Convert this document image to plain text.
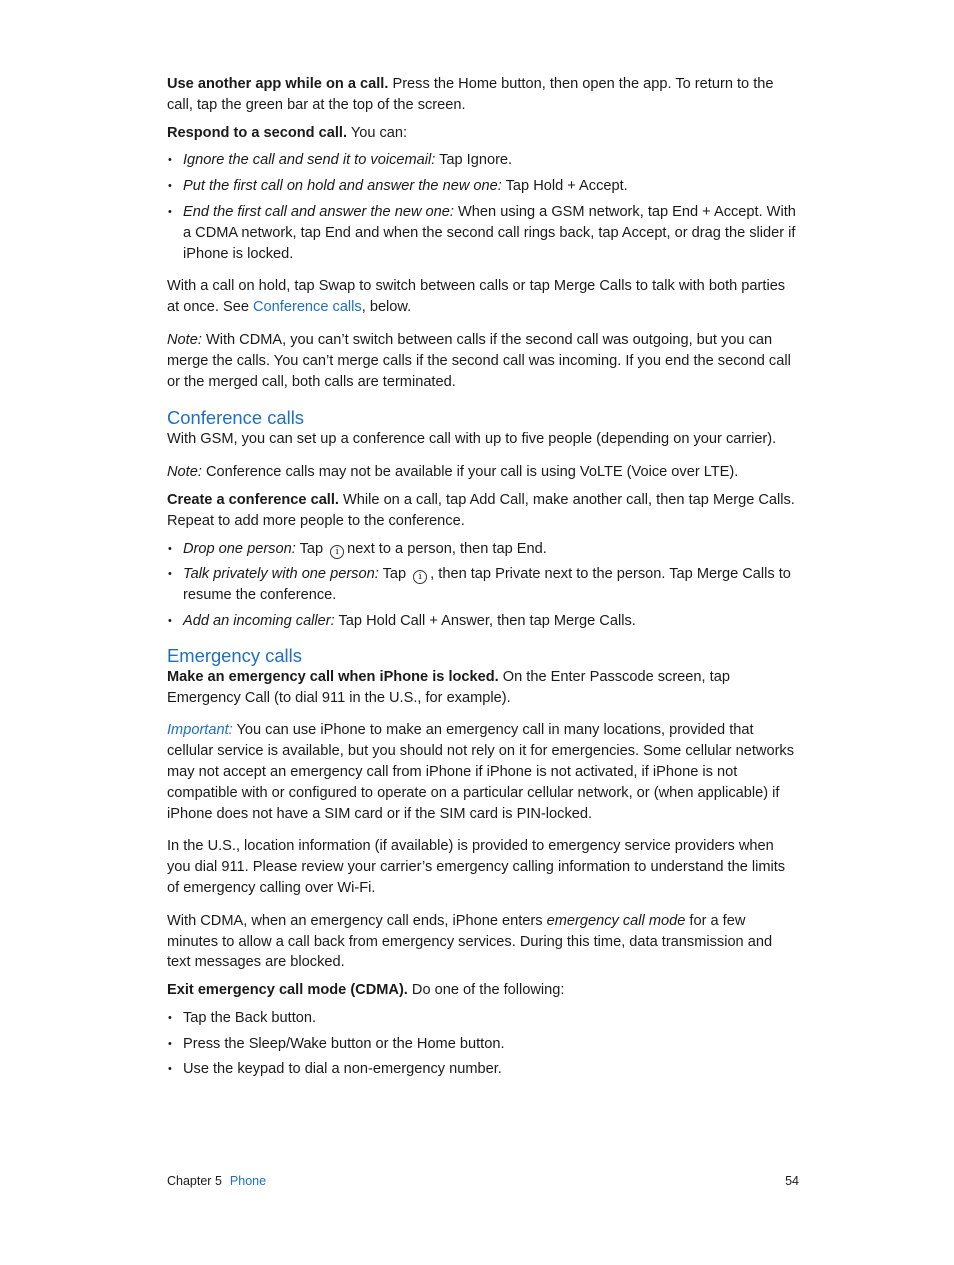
Use another app while on a call. Press the Home button, then open the app. To return to the call, tap the green bar at the top of the screen.

Respond to a second call. You can:

• Ignore the call and send it to voicemail: Tap Ignore.
• Put the first call on hold and answer the new one: Tap Hold + Accept.
• End the first call and answer the new one: When using a GSM network, tap End + Accept. With a CDMA network, tap End and when the second call rings back, tap Accept, or drag the slider if iPhone is locked.

With a call on hold, tap Swap to switch between calls or tap Merge Calls to talk with both parties at once. See Conference calls, below.

Note: With CDMA, you can’t switch between calls if the second call was outgoing, but you can merge the calls. You can’t merge calls if the second call was incoming. If you end the second call or the merged call, both calls are terminated.

Conference calls

With GSM, you can set up a conference call with up to five people (depending on your carrier).

Note: Conference calls may not be available if your call is using VoLTE (Voice over LTE).

Create a conference call. While on a call, tap Add Call, make another call, then tap Merge Calls. Repeat to add more people to the conference.

• Drop one person: Tap i next to a person, then tap End.
• Talk privately with one person: Tap i , then tap Private next to the person. Tap Merge Calls to resume the conference.
• Add an incoming caller: Tap Hold Call + Answer, then tap Merge Calls.
Emergency calls

Make an emergency call when iPhone is locked. On the Enter Passcode screen, tap Emergency Call (to dial 911 in the U.S., for example).

Important: You can use iPhone to make an emergency call in many locations, provided that cellular service is available, but you should not rely on it for emergencies. Some cellular networks may not accept an emergency call from iPhone if iPhone is not activated, if iPhone is not compatible with or configured to operate on a particular cellular network, or (when applicable) if iPhone does not have a SIM card or if the SIM card is PIN-locked.

In the U.S., location information (if available) is provided to emergency service providers when you dial 911. Please review your carrier’s emergency calling information to understand the limits of emergency calling over Wi-Fi.

With CDMA, when an emergency call ends, iPhone enters emergency call mode for a few minutes to allow a call back from emergency services. During this time, data transmission and text messages are blocked.

Exit emergency call mode (CDMA). Do one of the following:

• Tap the Back button.
• Press the Sleep/Wake button or the Home button.
• Use the keypad to dial a non-emergency number.
Chapter 5 Phone	54
